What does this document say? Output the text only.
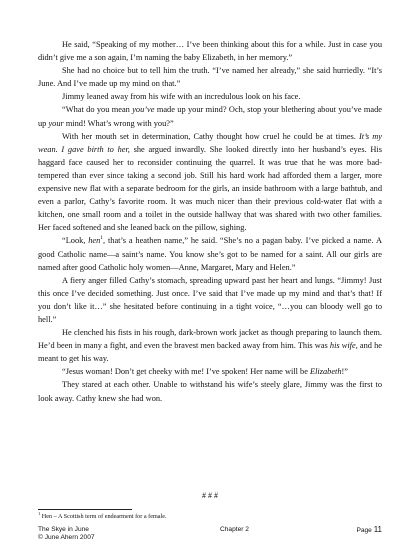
He said, “Speaking of my mother… I’ve been thinking about this for a while. Just in case you didn’t give me a son again, I’m naming the baby Elizabeth, in her memory.”

She had no choice but to tell him the truth. “I’ve named her already,” she said hurriedly. “It’s June. And I’ve made up my mind on that.”

Jimmy leaned away from his wife with an incredulous look on his face.

“What do you mean you’ve made up your mind? Och, stop your blethering about you’ve made up your mind! What’s wrong with you?”

With her mouth set in determination, Cathy thought how cruel he could be at times. It’s my wean. I gave birth to her, she argued inwardly. She looked directly into her husband’s eyes. His haggard face caused her to reconsider continuing the quarrel. It was true that he was more bad-tempered than ever since taking a second job. Still his hard work had afforded them a larger, more expensive new flat with a separate bedroom for the girls, an inside bathroom with a large bathtub, and even a parlor, Cathy’s favorite room. It was much nicer than their previous cold-water flat with a kitchen, one small room and a toilet in the outside hallway that was shared with two other families. Her faced softened and she leaned back on the pillow, sighing.

“Look, hen$^1$, that’s a heathen name,” he said. “She’s no a pagan baby. I’ve picked a name. A good Catholic name—a saint’s name. You know she’s got to be named for a saint. All our girls are named after good Catholic holy women—Anne, Margaret, Mary and Helen.”

A fiery anger filled Cathy’s stomach, spreading upward past her heart and lungs. “Jimmy! Just this once I’ve decided something. Just once. I’ve said that I’ve made up my mind and that’s that! If you don’t like it…” she hesitated before continuing in a tight voice, “…you can bloody well go to hell.”

He clenched his fists in his rough, dark-brown work jacket as though preparing to launch them. He’d been in many a fight, and even the bravest men backed away from him. This was his wife, and he meant to get his way.

“Jesus woman! Don’t get cheeky with me! I’ve spoken! Her name will be Elizabeth!”

They stared at each other. Unable to withstand his wife’s steely glare, Jimmy was the first to look away. Cathy knew she had won.

# # #
$^1$ Hen – A Scottish term of endearment for a female.
The Skye in June	Chapter 2	Page 11
© June Ahern 2007
